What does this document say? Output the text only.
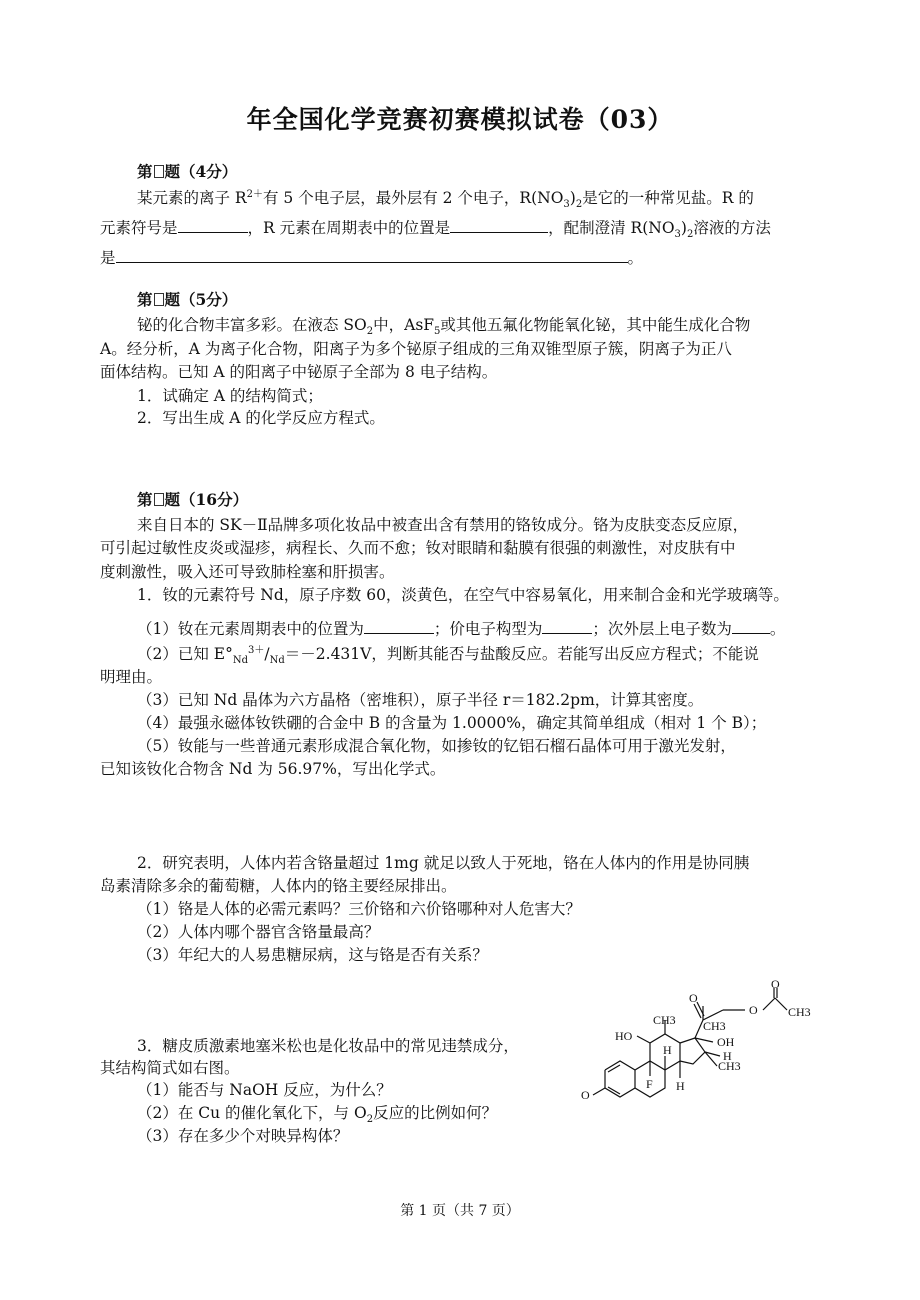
年全国化学竞赛初赛模拟试卷（03）
第 题（4分）
某元素的离子 $R^{2+}$有 5 个电子层，最外层有 2 个电子，$R(NO_3)_2$是它的一种常见盐。R 的
元素符号是	，R 元素在周期表中的位置是	，配制澄清 $R(NO_3)_2$溶液的方法
是	。
第 题（5分）
铋的化合物丰富多彩。在液态 $SO_2$中，AsF$_5$或其他五氟化物能氧化铋，其中能生成化合物
A。经分析，A 为离子化合物，阳离子为多个铋原子组成的三角双锥型原子簇，阴离子为正八
面体结构。已知 A 的阳离子中铋原子全部为 8 电子结构。
1．试确定 A 的结构简式；
2．写出生成 A 的化学反应方程式。
第 题（16分）
来自日本的 SK－Ⅱ品牌多项化妆品中被查出含有禁用的铬钕成分。铬为皮肤变态反应原，
可引起过敏性皮炎或湿疹，病程长、久而不愈；钕对眼睛和黏膜有很强的刺激性，对皮肤有中
度刺激性，吸入还可导致肺栓塞和肝损害。
1．钕的元素符号 Nd，原子序数 60，淡黄色，在空气中容易氧化，用来制合金和光学玻璃等。
（1）钕在元素周期表中的位置为	；价电子构型为	；次外层上电子数为 。
（2）已知 $E^\circ_{Nd}^{3+}/_{Nd}=-2.431V$，判断其能否与盐酸反应。若能写出反应方程式；不能说
明理由。
（3）已知 Nd 晶体为六方晶格（密堆积），原子半径 r＝182.2pm，计算其密度。
（4）最强永磁体钕铁硼的合金中 B 的含量为 1.0000%，确定其简单组成（相对 1 个 B）；
（5）钕能与一些普通元素形成混合氧化物，如掺钕的钇铝石榴石晶体可用于激光发射，
已知该钕化合物含 Nd 为 56.97%，写出化学式。
2．研究表明，人体内若含铬量超过 1mg 就足以致人于死地，铬在人体内的作用是协同胰
岛素清除多余的葡萄糖，人体内的铬主要经尿排出。
（1）铬是人体的必需元素吗？三价铬和六价铬哪种对人危害大？
（2）人体内哪个器官含铬量最高？
（3）年纪大的人易患糖尿病，这与铬是否有关系？
3．糖皮质激素地塞米松也是化妆品中的常见违禁成分，
其结构简式如右图。
（1）能否与 NaOH 反应，为什么？
（2）在 Cu 的催化氧化下，与 $O_2$反应的比例如何？
（3）存在多少个对映异构体？
HO
CH3
CH3
CH3
CH3
OH
H
H
H
F
O
O
O
O
第 1 页（共 7 页）
